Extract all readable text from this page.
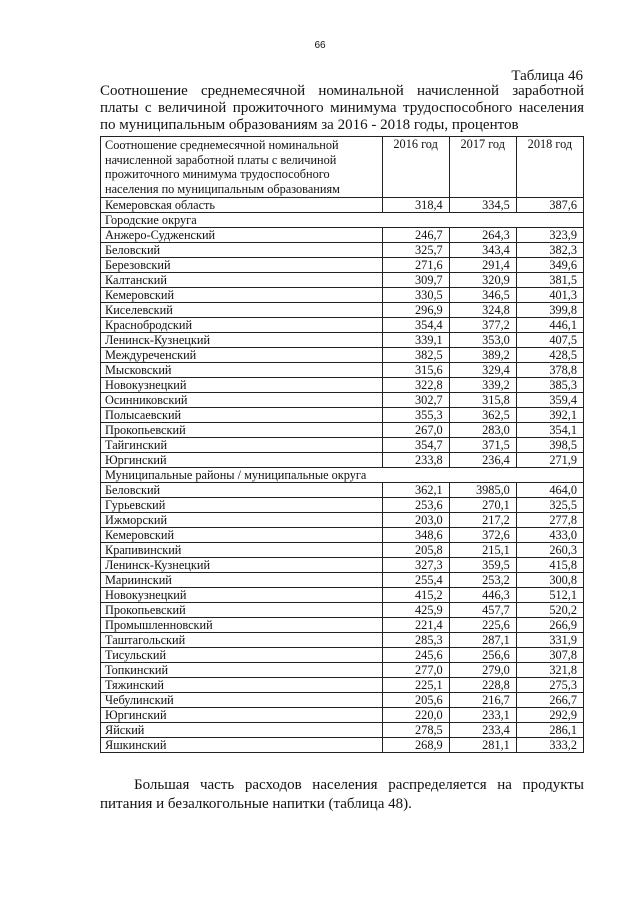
66
Таблица 46
Соотношение среднемесячной номинальной начисленной заработной платы с величиной прожиточного минимума трудоспособного населения по муниципальным образованиям за 2016 - 2018 годы, процентов
Соотношение среднемесячной номинальной начисленной заработной платы с величиной прожиточного минимума трудоспособного населения по муниципальным образованиям	2016 год	2017 год	2018 год
Кемеровская область	318,4	334,5	387,6
Городские округа			
Анжеро-Судженский	246,7	264,3	323,9
Беловский	325,7	343,4	382,3
Березовский	271,6	291,4	349,6
Калтанский	309,7	320,9	381,5
Кемеровский	330,5	346,5	401,3
Киселевский	296,9	324,8	399,8
Краснобродский	354,4	377,2	446,1
Ленинск-Кузнецкий	339,1	353,0	407,5
Междуреченский	382,5	389,2	428,5
Мысковский	315,6	329,4	378,8
Новокузнецкий	322,8	339,2	385,3
Осинниковский	302,7	315,8	359,4
Полысаевский	355,3	362,5	392,1
Прокопьевский	267,0	283,0	354,1
Тайгинский	354,7	371,5	398,5
Юргинский	233,8	236,4	271,9
Муниципальные районы / муниципальные округа			
Беловский	362,1	3985,0	464,0
Гурьевский	253,6	270,1	325,5
Ижморский	203,0	217,2	277,8
Кемеровский	348,6	372,6	433,0
Крапивинский	205,8	215,1	260,3
Ленинск-Кузнецкий	327,3	359,5	415,8
Мариинский	255,4	253,2	300,8
Новокузнецкий	415,2	446,3	512,1
Прокопьевский	425,9	457,7	520,2
Промышленновский	221,4	225,6	266,9
Таштагольский	285,3	287,1	331,9
Тисульский	245,6	256,6	307,8
Топкинский	277,0	279,0	321,8
Тяжинский	225,1	228,8	275,3
Чебулинский	205,6	216,7	266,7
Юргинский	220,0	233,1	292,9
Яйский	278,5	233,4	286,1
Яшкинский	268,9	281,1	333,2
Большая часть расходов населения распределяется на продукты питания и безалкогольные напитки (таблица 48).
